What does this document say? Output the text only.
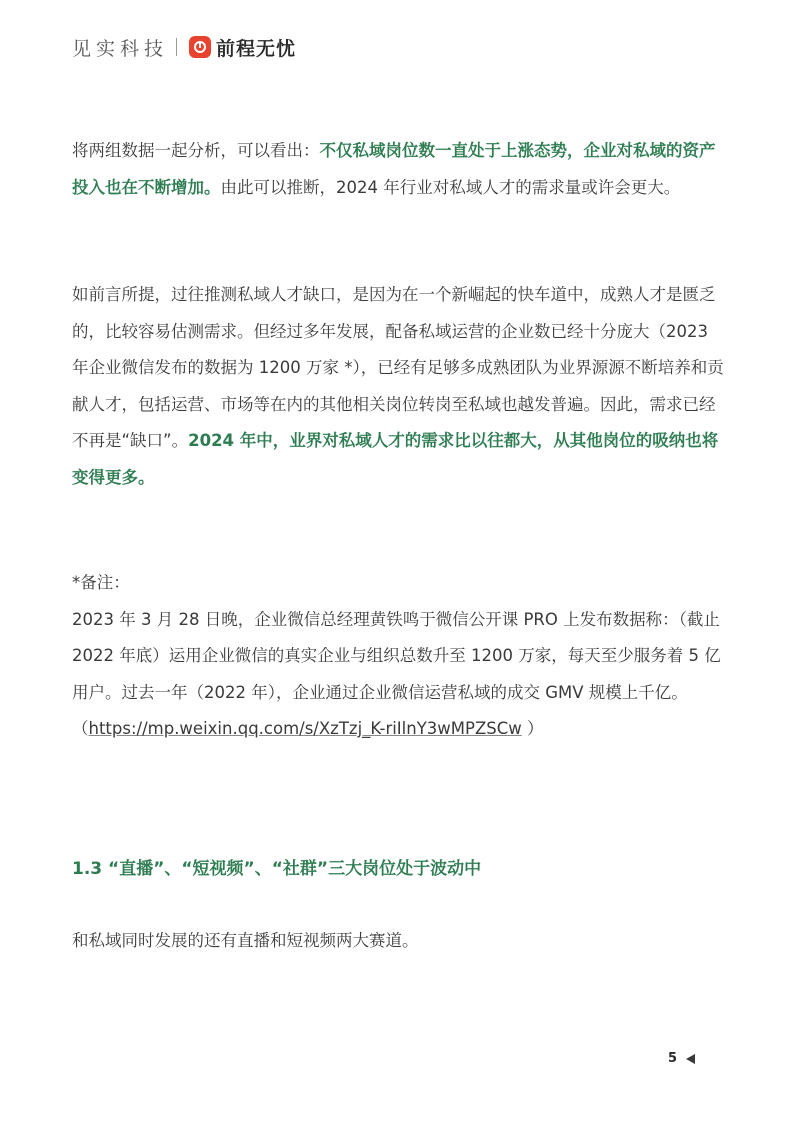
见实科技	前程无忧

将两组数据一起分析，可以看出：不仅私域岗位数一直处于上涨态势，企业对私域的资产投入也在不断增加。由此可以推断，2024 年行业对私域人才的需求量或许会更大。

如前言所提，过往推测私域人才缺口，是因为在一个新崛起的快车道中，成熟人才是匮乏的，比较容易估测需求。但经过多年发展，配备私域运营的企业数已经十分庞大（2023 年企业微信发布的数据为 1200 万家 *），已经有足够多成熟团队为业界源源不断培养和贡献人才，包括运营、市场等在内的其他相关岗位转岗至私域也越发普遍。因此，需求已经不再是“缺口”。2024 年中，业界对私域人才的需求比以往都大，从其他岗位的吸纳也将变得更多。

*备注：

2023 年 3 月 28 日晚，企业微信总经理黄铁鸣于微信公开课 PRO 上发布数据称：（截止 2022 年底）运用企业微信的真实企业与组织总数升至 1200 万家，每天至少服务着 5 亿用户。过去一年（2022 年），企业通过企业微信运营私域的成交 GMV 规模上千亿。

（https://mp.weixin.qq.com/s/XzTzj_K-riIlnY3wMPZSCw ）

1.3 “直播”、“短视频”、“社群”三大岗位处于波动中

和私域同时发展的还有直播和短视频两大赛道。

5
